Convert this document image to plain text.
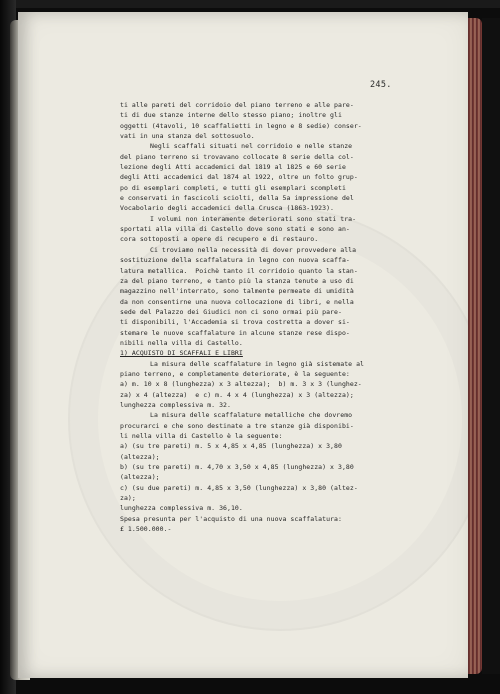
245.
ti alle pareti del corridoio del piano terreno e alle pare-
ti di due stanze interne dello stesso piano; inoltre gli
oggetti (4tavoli, 10 scaffalietti in legno e 8 sedie) conser-
vati in una stanza del sottosuolo.
Negli scaffali situati nel corridoio e nelle stanze
del piano terreno si trovavano collocate 8 serie della col-
lezione degli Atti accademici dal 1819 al 1825 e 60 serie
degli Atti accademici dal 1874 al 1922, oltre un folto grup-
po di esemplari completi, e tutti gli esemplari scompleti
e conservati in fascicoli sciolti, della 5a impressione del
Vocabolario degli accademici della Crusca (1863-1923).
I volumi non interamente deteriorati sono stati tra-
sportati alla villa di Castello dove sono stati e sono an-
cora sottoposti a opere di recupero e di restauro.
Ci troviamo nella necessità di dover provvedere alla
sostituzione della scaffalatura in legno con nuova scaffa-
latura metallica.  Poichè tanto il corridoio quanto la stan-
za del piano terreno, e tanto più la stanza tenute a uso di
magazzino nell'interrato, sono talmente permeate di umidità
da non consentirne una nuova collocazione di libri, e nella
sede del Palazzo dei Giudici non ci sono ormai più pare-
ti disponibili, l'Accademia si trova costretta a dover si-
stemare le nuove scaffalature in alcune stanze rese dispo-
nibili nella villa di Castello.
1) ACQUISTO DI SCAFFALI E LIBRI
La misura delle scaffalature in legno già sistemate al
piano terreno, e completamente deteriorate, è la seguente:
a) m. 10 x 8 (lunghezza) x 3 altezza);  b) m. 3 x 3 (lunghez-
za) x 4 (altezza)  e c) m. 4 x 4 (lunghezza) x 3 (altezza);
lunghezza complessiva m. 32.
La misura delle scaffalature metalliche che dovremo
procurarci e che sono destinate a tre stanze già disponibi-
li nella villa di Castello è la seguente:
a) (su tre pareti) m. 5 x 4,85 x 4,85 (lunghezza) x 3,80
(altezza);
b) (su tre pareti) m. 4,70 x 3,50 x 4,85 (lunghezza) x 3,80
(altezza);
c) (su due pareti) m. 4,85 x 3,50 (lunghezza) x 3,80 (altez-
za);
lunghezza complessiva m. 36,10.
Spesa presunta per l'acquisto di una nuova scaffalatura:
£ 1.500.000.-
